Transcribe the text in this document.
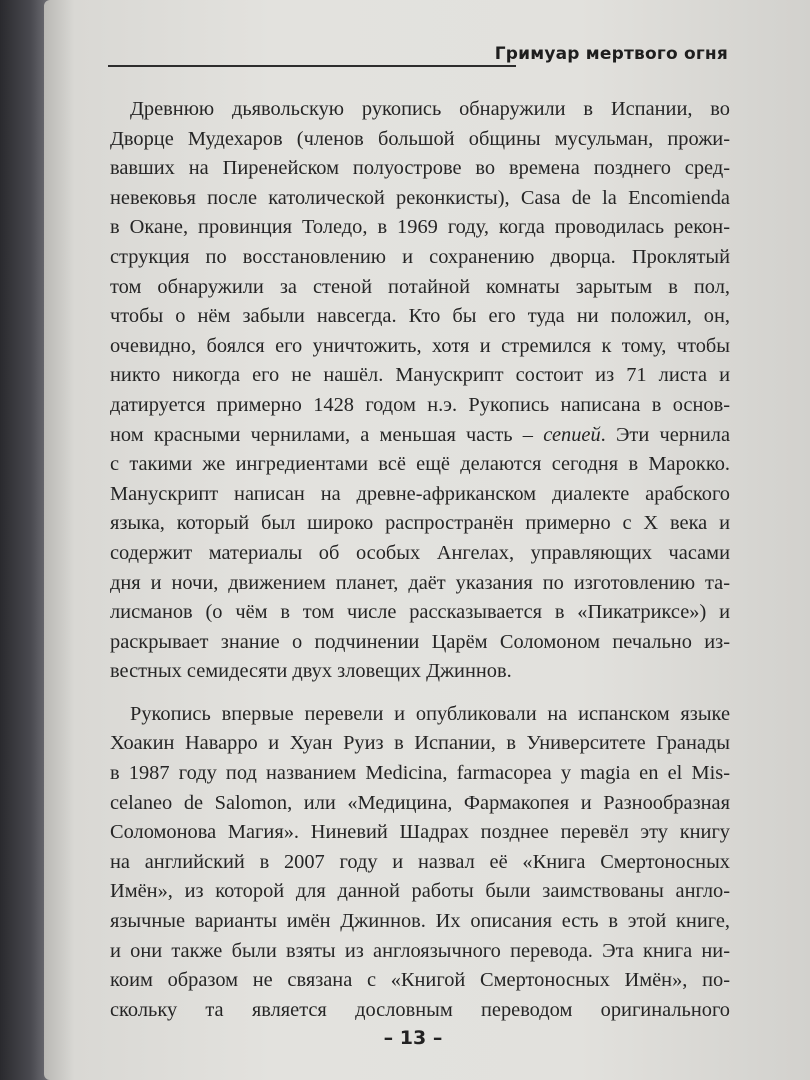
Гримуар мертвого огня
Древнюю дьявольскую рукопись обнаружили в Испании, во
Дворце Мудехаров (членов большой общины мусульман, прожи-
вавших на Пиренейском полуострове во времена позднего сред-
невековья после католической реконкисты), Casa de la Encomienda
в Окане, провинция Толедо, в 1969 году, когда проводилась рекон-
струкция по восстановлению и сохранению дворца. Проклятый
том обнаружили за стеной потайной комнаты зарытым в пол,
чтобы о нём забыли навсегда. Кто бы его туда ни положил, он,
очевидно, боялся его уничтожить, хотя и стремился к тому, чтобы
никто никогда его не нашёл. Манускрипт состоит из 71 листа и
датируется примерно 1428 годом н.э. Рукопись написана в основ-
ном красными чернилами, а меньшая часть – сепией. Эти чернила
с такими же ингредиентами всё ещё делаются сегодня в Марокко.
Манускрипт написан на древне-африканском диалекте арабского
языка, который был широко распространён примерно с X века и
содержит материалы об особых Ангелах, управляющих часами
дня и ночи, движением планет, даёт указания по изготовлению та-
лисманов (о чём в том числе рассказывается в «Пикатриксе») и
раскрывает знание о подчинении Царём Соломоном печально из-
вестных семидесяти двух зловещих Джиннов.
Рукопись впервые перевели и опубликовали на испанском языке
Хоакин Наварро и Хуан Руиз в Испании, в Университете Гранады
в 1987 году под названием Medicina, farmacopea y magia en el Mis-
celaneo de Salomon, или «Медицина, Фармакопея и Разнообразная
Соломонова Магия». Ниневий Шадрах позднее перевёл эту книгу
на английский в 2007 году и назвал её «Книга Смертоносных
Имён», из которой для данной работы были заимствованы англо-
язычные варианты имён Джиннов. Их описания есть в этой книге,
и они также были взяты из англоязычного перевода. Эта книга ни-
коим образом не связана с «Книгой Смертоносных Имён», по-
скольку та является дословным переводом оригинального
– 13 –
